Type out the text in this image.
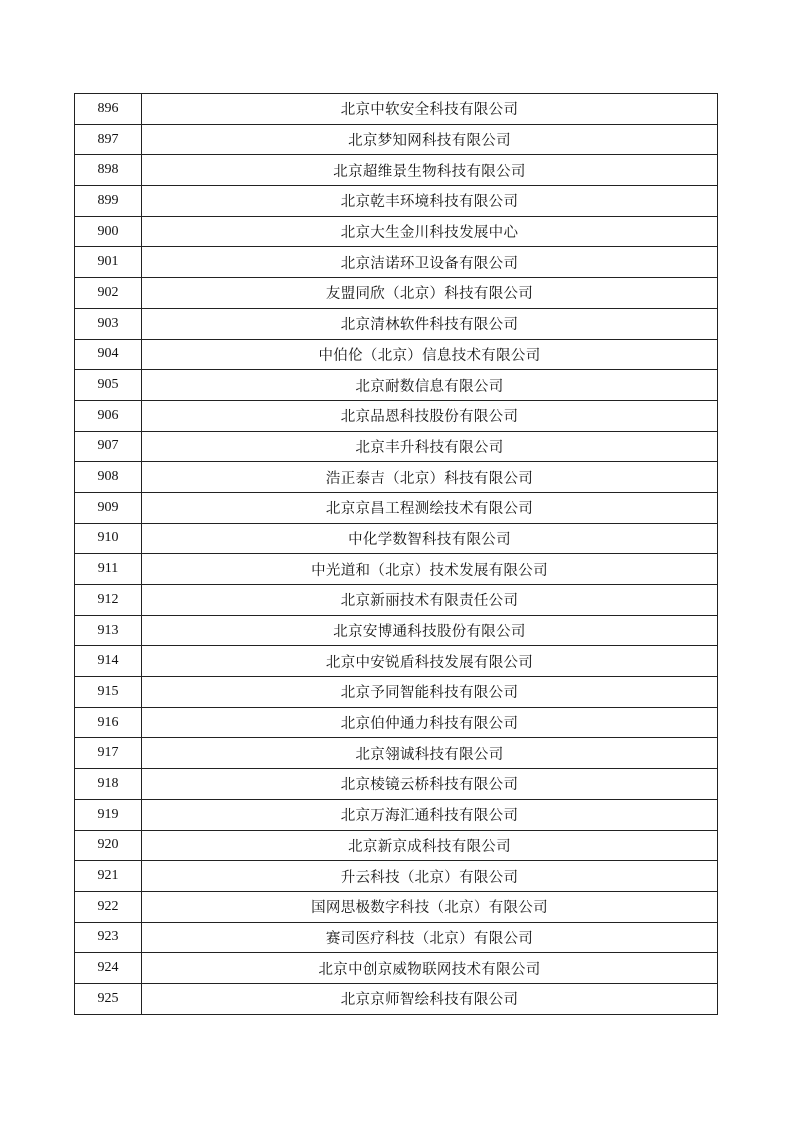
896	北京中软安全科技有限公司
897	北京梦知网科技有限公司
898	北京超维景生物科技有限公司
899	北京乾丰环境科技有限公司
900	北京大生金川科技发展中心
901	北京洁诺环卫设备有限公司
902	友盟同欣（北京）科技有限公司
903	北京清林软件科技有限公司
904	中伯伦（北京）信息技术有限公司
905	北京耐数信息有限公司
906	北京品恩科技股份有限公司
907	北京丰升科技有限公司
908	浩正泰吉（北京）科技有限公司
909	北京京昌工程测绘技术有限公司
910	中化学数智科技有限公司
911	中光道和（北京）技术发展有限公司
912	北京新丽技术有限责任公司
913	北京安博通科技股份有限公司
914	北京中安锐盾科技发展有限公司
915	北京予同智能科技有限公司
916	北京伯仲通力科技有限公司
917	北京翎诚科技有限公司
918	北京棱镜云桥科技有限公司
919	北京万海汇通科技有限公司
920	北京新京成科技有限公司
921	升云科技（北京）有限公司
922	国网思极数字科技（北京）有限公司
923	赛司医疗科技（北京）有限公司
924	北京中创京威物联网技术有限公司
925	北京京师智绘科技有限公司
